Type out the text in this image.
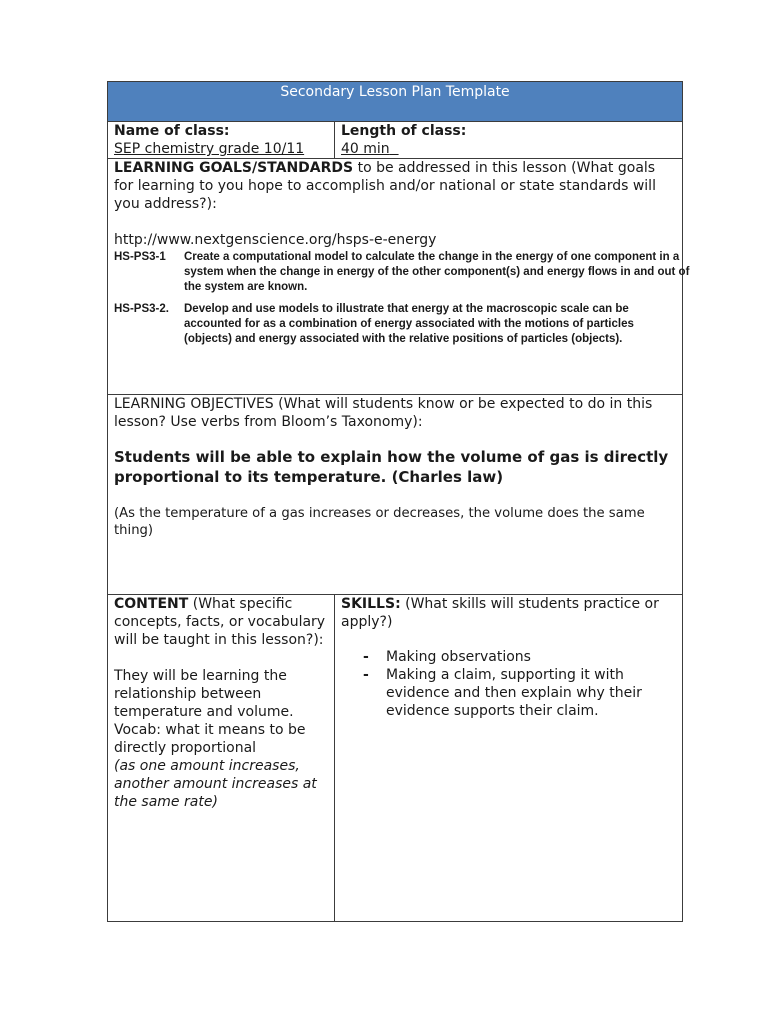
Secondary Lesson Plan Template
Name of class:
SEP chemistry grade 10/11
Length of class:
40 min
LEARNING GOALS/STANDARDS to be addressed in this lesson (What goals for learning to you hope to accomplish and/or national or state standards will you address?):
http://www.nextgenscience.org/hsps-e-energy
HS-PS3-1	Create a computational model to calculate the change in the energy of one component in a system when the change in energy of the other component(s) and energy flows in and out of the system are known.
HS-PS3-2.	Develop and use models to illustrate that energy at the macroscopic scale can be accounted for as a combination of energy associated with the motions of particles (objects) and energy associated with the relative positions of particles (objects).
LEARNING OBJECTIVES (What will students know or be expected to do in this lesson? Use verbs from Bloom’s Taxonomy):
Students will be able to explain how the volume of gas is directly proportional to its temperature. (Charles law)
(As the temperature of a gas increases or decreases, the volume does the same thing)
CONTENT (What specific concepts, facts, or vocabulary will be taught in this lesson?):
They will be learning the relationship between temperature and volume.
Vocab: what it means to be directly proportional
(as one amount increases, another amount increases at the same rate)
SKILLS: (What skills will students practice or apply?)
- Making observations
- Making a claim, supporting it with evidence and then explain why their evidence supports their claim.
